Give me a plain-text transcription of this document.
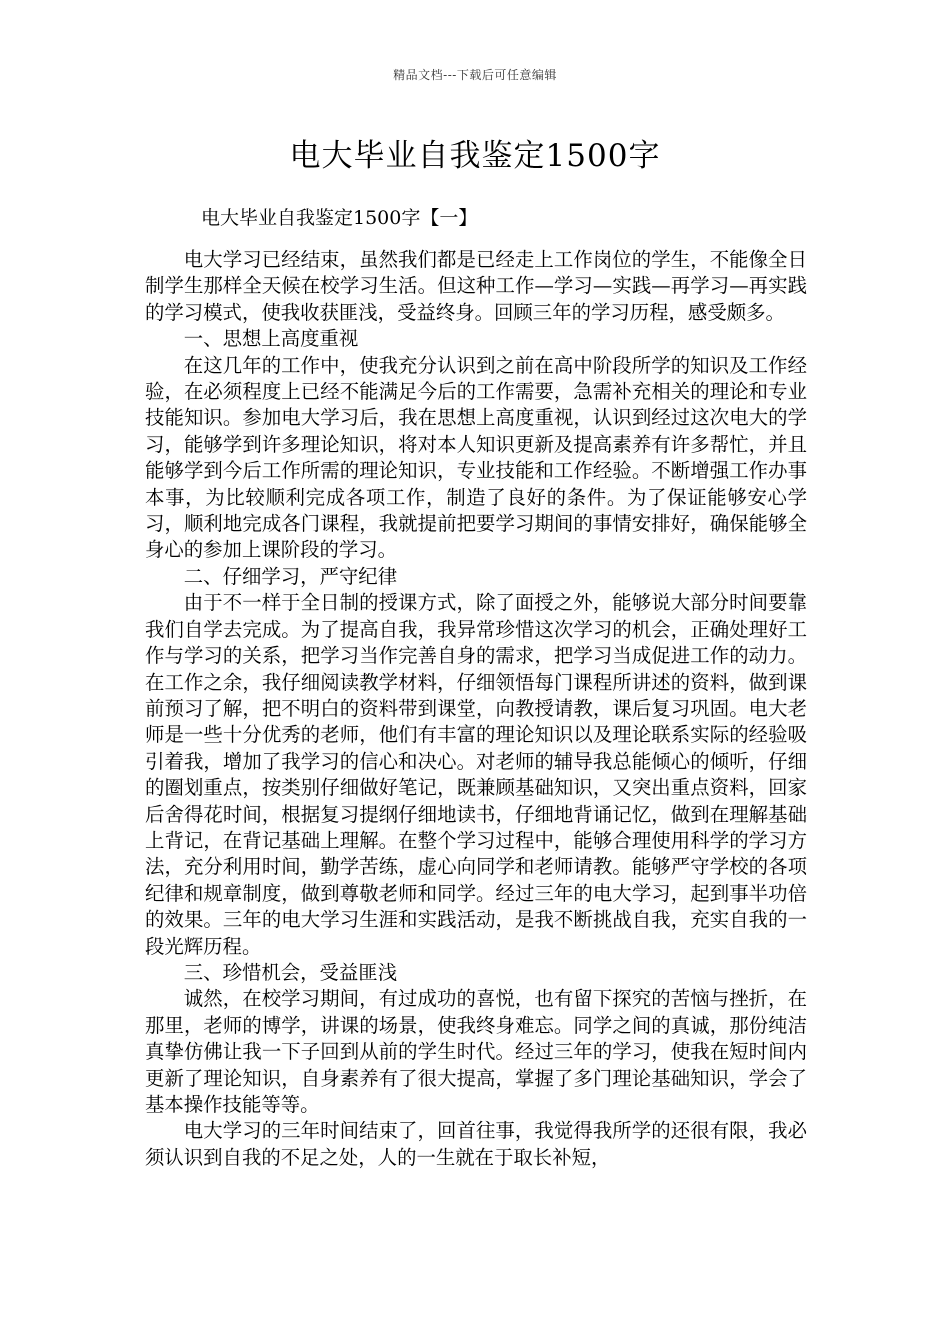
精品文档---下载后可任意编辑
电大毕业自我鉴定1500字
电大毕业自我鉴定1500字【一】

电大学习已经结束，虽然我们都是已经走上工作岗位的学生，不能像全日制学生那样全天候在校学习生活。但这种工作—学习—实践—再学习—再实践的学习模式，使我收获匪浅，受益终身。回顾三年的学习历程，感受颇多。

一、思想上高度重视

在这几年的工作中，使我充分认识到之前在高中阶段所学的知识及工作经验，在必须程度上已经不能满足今后的工作需要，急需补充相关的理论和专业技能知识。参加电大学习后，我在思想上高度重视，认识到经过这次电大的学习，能够学到许多理论知识，将对本人知识更新及提高素养有许多帮忙，并且能够学到今后工作所需的理论知识，专业技能和工作经验。不断增强工作办事本事，为比较顺利完成各项工作，制造了良好的条件。为了保证能够安心学习，顺利地完成各门课程，我就提前把要学习期间的事情安排好，确保能够全身心的参加上课阶段的学习。

二、仔细学习，严守纪律

由于不一样于全日制的授课方式，除了面授之外，能够说大部分时间要靠我们自学去完成。为了提高自我，我异常珍惜这次学习的机会，正确处理好工作与学习的关系，把学习当作完善自身的需求，把学习当成促进工作的动力。在工作之余，我仔细阅读教学材料，仔细领悟每门课程所讲述的资料，做到课前预习了解，把不明白的资料带到课堂，向教授请教，课后复习巩固。电大老师是一些十分优秀的老师，他们有丰富的理论知识以及理论联系实际的经验吸引着我，增加了我学习的信心和决心。对老师的辅导我总能倾心的倾听，仔细的圈划重点，按类别仔细做好笔记，既兼顾基础知识，又突出重点资料，回家后舍得花时间，根据复习提纲仔细地读书，仔细地背诵记忆，做到在理解基础上背记，在背记基础上理解。在整个学习过程中，能够合理使用科学的学习方法，充分利用时间，勤学苦练，虚心向同学和老师请教。能够严守学校的各项纪律和规章制度，做到尊敬老师和同学。经过三年的电大学习，起到事半功倍的效果。三年的电大学习生涯和实践活动，是我不断挑战自我，充实自我的一段光辉历程。

三、珍惜机会，受益匪浅

诚然，在校学习期间，有过成功的喜悦，也有留下探究的苦恼与挫折，在那里，老师的博学，讲课的场景，使我终身难忘。同学之间的真诚，那份纯洁真挚仿佛让我一下子回到从前的学生时代。经过三年的学习，使我在短时间内更新了理论知识，自身素养有了很大提高，掌握了多门理论基础知识，学会了基本操作技能等等。

电大学习的三年时间结束了，回首往事，我觉得我所学的还很有限，我必须认识到自我的不足之处，人的一生就在于取长补短，
